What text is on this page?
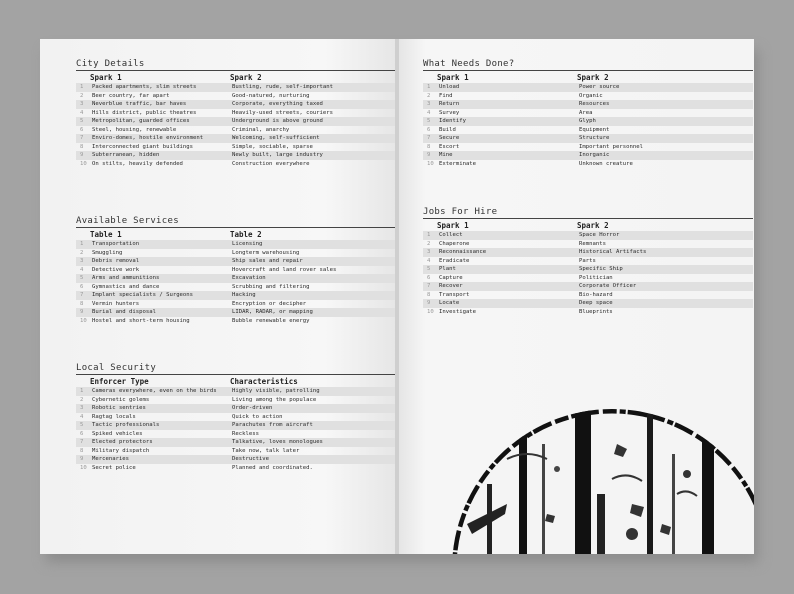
City Details
	Spark 1	Spark 2
1	Packed apartments, slim streets	Bustling, rude, self-important
2	Beer country, far apart	Good-natured, nurturing
3	Neverblue traffic, bar haves	Corporate, everything taxed
4	Hills district, public theatres	Heavily-used streets, couriers
5	Metropolitan, guarded offices	Underground is above ground
6	Steel, housing, renewable	Criminal, anarchy
7	Enviro-domes, hostile environment	Welcoming, self-sufficient
8	Interconnected giant buildings	Simple, sociable, sparse
9	Subterranean, hidden	Newly built, large industry
10	On stilts, heavily defended	Construction everywhere
Available Services
	Table 1	Table 2
1	Transportation	Licensing
2	Smuggling	Longterm warehousing
3	Debris removal	Ship sales and repair
4	Detective work	Hovercraft and land rover sales
5	Arms and ammunitions	Excavation
6	Gymnastics and dance	Scrubbing and filtering
7	Implant specialists / Surgeons	Hacking
8	Vermin hunters	Encryption or decipher
9	Burial and disposal	LIDAR, RADAR, or mapping
10	Hostel and short-term housing	Bubble renewable energy
Local Security
	Enforcer Type	Characteristics
1	Cameras everywhere, even on the birds	Highly visible, patrolling
2	Cybernetic golems	Living among the populace
3	Robotic sentries	Order-driven
4	Ragtag locals	Quick to action
5	Tactic professionals	Parachutes from aircraft
6	Spiked vehicles	Reckless
7	Elected protectors	Talkative, loves monologues
8	Military dispatch	Take now, talk later
9	Mercenaries	Destructive
10	Secret police	Planned and coordinated.
What Needs Done?
	Spark 1	Spark 2
1	Unload	Power source
2	Find	Organic
3	Return	Resources
4	Survey	Area
5	Identify	Glyph
6	Build	Equipment
7	Secure	Structure
8	Escort	Important personnel
9	Mine	Inorganic
10	Exterminate	Unknown creature
Jobs For Hire
	Spark 1	Spark 2
1	Collect	Space Horror
2	Chaperone	Remnants
3	Reconnaissance	Historical Artifacts
4	Eradicate	Parts
5	Plant	Specific Ship
6	Capture	Politician
7	Recover	Corporate Officer
8	Transport	Bio-hazard
9	Locate	Deep space
10	Investigate	Blueprints
